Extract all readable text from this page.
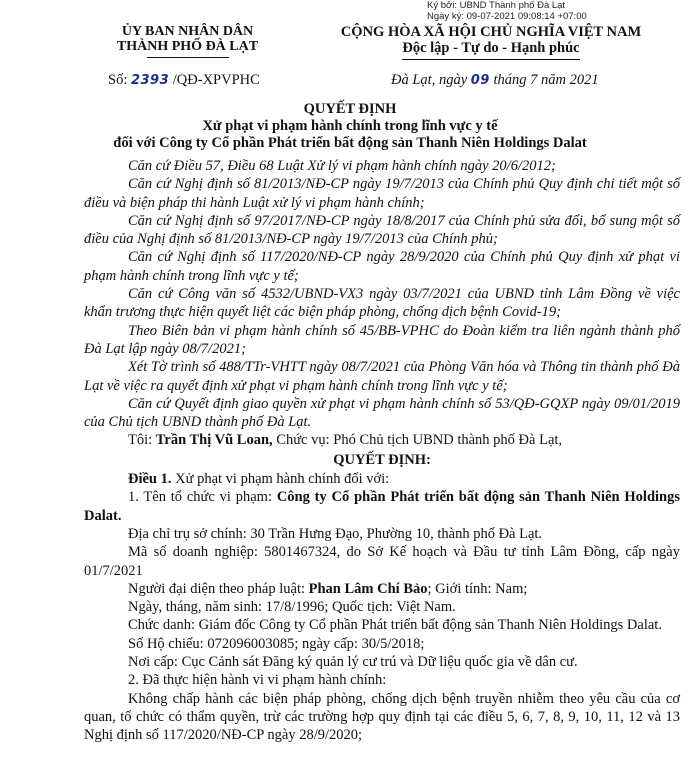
Ký bởi: UBND Thành phố Đà Lạt
Ngày ký: 09-07-2021 09:08:14 +07:00
ỦY BAN NHÂN DÂN
THÀNH PHỐ ĐÀ LẠT
CỘNG HÒA XÃ HỘI CHỦ NGHĨA VIỆT NAM
Độc lập - Tự do - Hạnh phúc
Số: 2393 /QĐ-XPVPHC	Đà Lạt, ngày 09 tháng 7 năm 2021
QUYẾT ĐỊNH
Xử phạt vi phạm hành chính trong lĩnh vực y tế
đối với Công ty Cổ phần Phát triển bất động sản Thanh Niên Holdings Dalat

Căn cứ Điều 57, Điều 68 Luật Xử lý vi phạm hành chính ngày 20/6/2012;

Căn cứ Nghị định số 81/2013/NĐ-CP ngày 19/7/2013 của Chính phủ Quy định chi tiết một số điều và biện pháp thi hành Luật xử lý vi phạm hành chính;

Căn cứ Nghị định số 97/2017/NĐ-CP ngày 18/8/2017 của Chính phủ sửa đổi, bổ sung một số điều của Nghị định số 81/2013/NĐ-CP ngày 19/7/2013 của Chính phủ;

Căn cứ Nghị định số 117/2020/NĐ-CP ngày 28/9/2020 của Chính phủ Quy định xử phạt vi phạm hành chính trong lĩnh vực y tế;

Căn cứ Công văn số 4532/UBND-VX3 ngày 03/7/2021 của UBND tỉnh Lâm Đồng về việc khẩn trương thực hiện quyết liệt các biện pháp phòng, chống dịch bệnh Covid-19;

Theo Biên bản vi phạm hành chính số 45/BB-VPHC do Đoàn kiểm tra liên ngành thành phố Đà Lạt lập ngày 08/7/2021;

Xét Tờ trình số 488/TTr-VHTT ngày 08/7/2021 của Phòng Văn hóa và Thông tin thành phố Đà Lạt về việc ra quyết định xử phạt vi phạm hành chính trong lĩnh vực y tế;

Căn cứ Quyết định giao quyền xử phạt vi phạm hành chính số 53/QĐ-GQXP ngày 09/01/2019 của Chủ tịch UBND thành phố Đà Lạt.

Tôi: Trần Thị Vũ Loan, Chức vụ: Phó Chủ tịch UBND thành phố Đà Lạt,

QUYẾT ĐỊNH:

Điều 1. Xử phạt vi phạm hành chính đối với:

1. Tên tổ chức vi phạm: Công ty Cổ phần Phát triển bất động sản Thanh Niên Holdings Dalat.

Địa chỉ trụ sở chính: 30 Trần Hưng Đạo, Phường 10, thành phố Đà Lạt.

Mã số doanh nghiệp: 5801467324, do Sở Kế hoạch và Đầu tư tỉnh Lâm Đồng, cấp ngày 01/7/2021

Người đại diện theo pháp luật: Phan Lâm Chí Bảo; Giới tính: Nam;

Ngày, tháng, năm sinh: 17/8/1996; Quốc tịch: Việt Nam.

Chức danh: Giám đốc Công ty Cổ phần Phát triển bất động sản Thanh Niên Holdings Dalat.

Số Hộ chiếu: 072096003085; ngày cấp: 30/5/2018;

Nơi cấp: Cục Cảnh sát Đăng ký quản lý cư trú và Dữ liệu quốc gia về dân cư.

2. Đã thực hiện hành vi vi phạm hành chính:

Không chấp hành các biện pháp phòng, chống dịch bệnh truyền nhiễm theo yêu cầu của cơ quan, tổ chức có thẩm quyền, trừ các trường hợp quy định tại các điều 5, 6, 7, 8, 9, 10, 11, 12 và 13 Nghị định số 117/2020/NĐ-CP ngày 28/9/2020;
